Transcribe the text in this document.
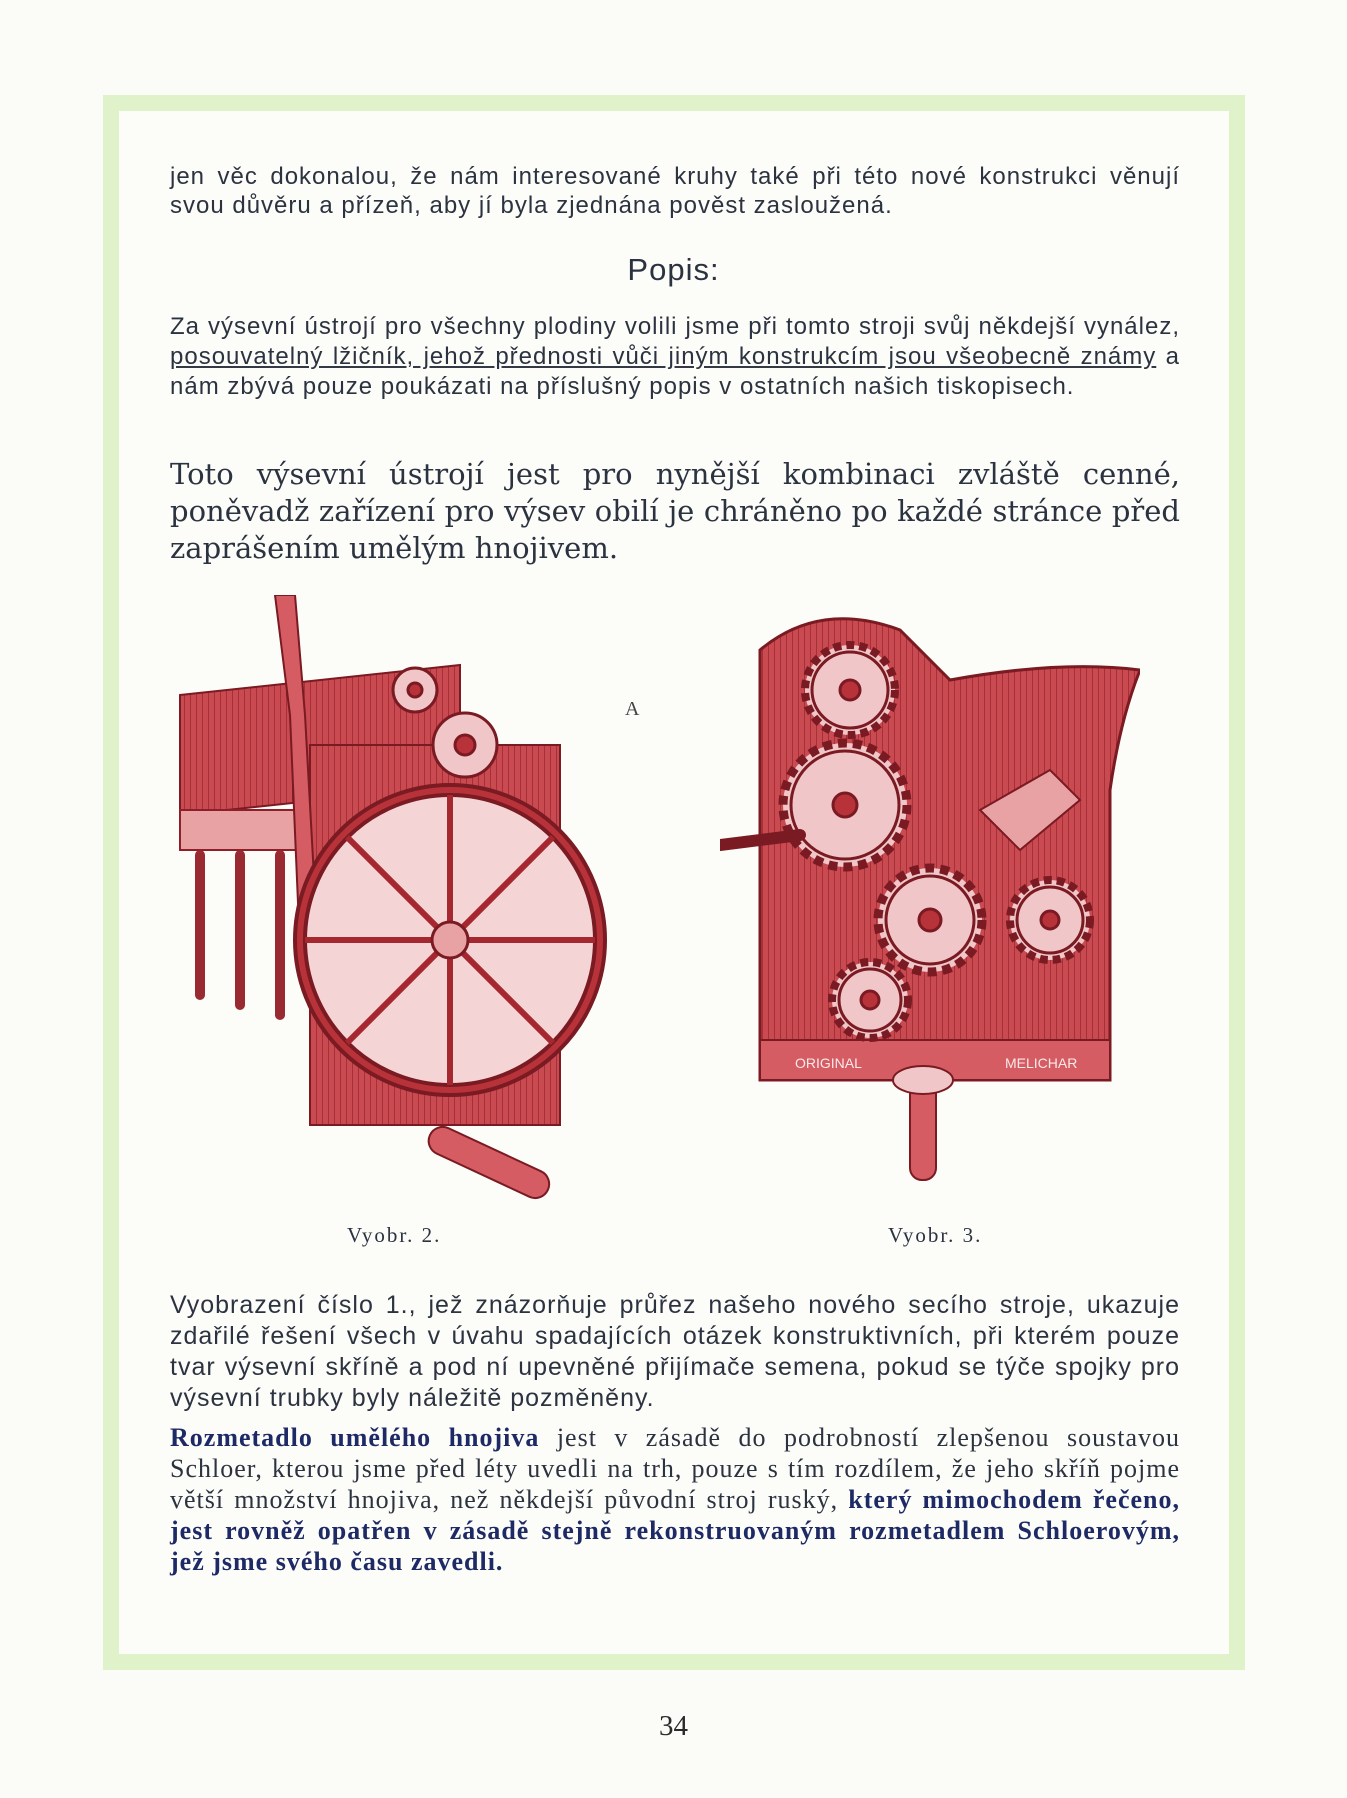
jen věc dokonalou, že nám interesované kruhy také při této nové konstrukci věnují svou důvěru a přízeň, aby jí byla zjednána pověst zasloužená.

Popis:

Za výsevní ústrojí pro všechny plodiny volili jsme při tomto stroji svůj někdejší vynález, posouvatelný lžičník, jehož přednosti vůči jiným konstrukcím jsou všeobecně známy a nám zbývá pouze poukázati na příslušný popis v ostatních našich tiskopisech.

Toto výsevní ústrojí jest pro nynější kombinaci zvláště cenné, poněvadž zařízení pro výsev obilí je chráněno po každé stránce před zaprášením umělým hnojivem.

A
ORIGINAL	MELICHAR
Vyobr. 2.	Vyobr. 3.

Vyobrazení číslo 1., jež znázorňuje průřez našeho nového secího stroje, ukazuje zdařilé řešení všech v úvahu spadajících otázek konstruktivních, při kterém pouze tvar výsevní skříně a pod ní upevněné přijímače semena, pokud se týče spojky pro výsevní trubky byly náležitě pozměněny.

Rozmetadlo umělého hnojiva jest v zásadě do podrobností zlepšenou soustavou Schloer, kterou jsme před léty uvedli na trh, pouze s tím rozdílem, že jeho skříň pojme větší množství hnojiva, než někdejší původní stroj ruský, který mimochodem řečeno, jest rovněž opatřen v zásadě stejně rekonstruovaným rozmetadlem Schloerovým, jež jsme svého času zavedli.

34
